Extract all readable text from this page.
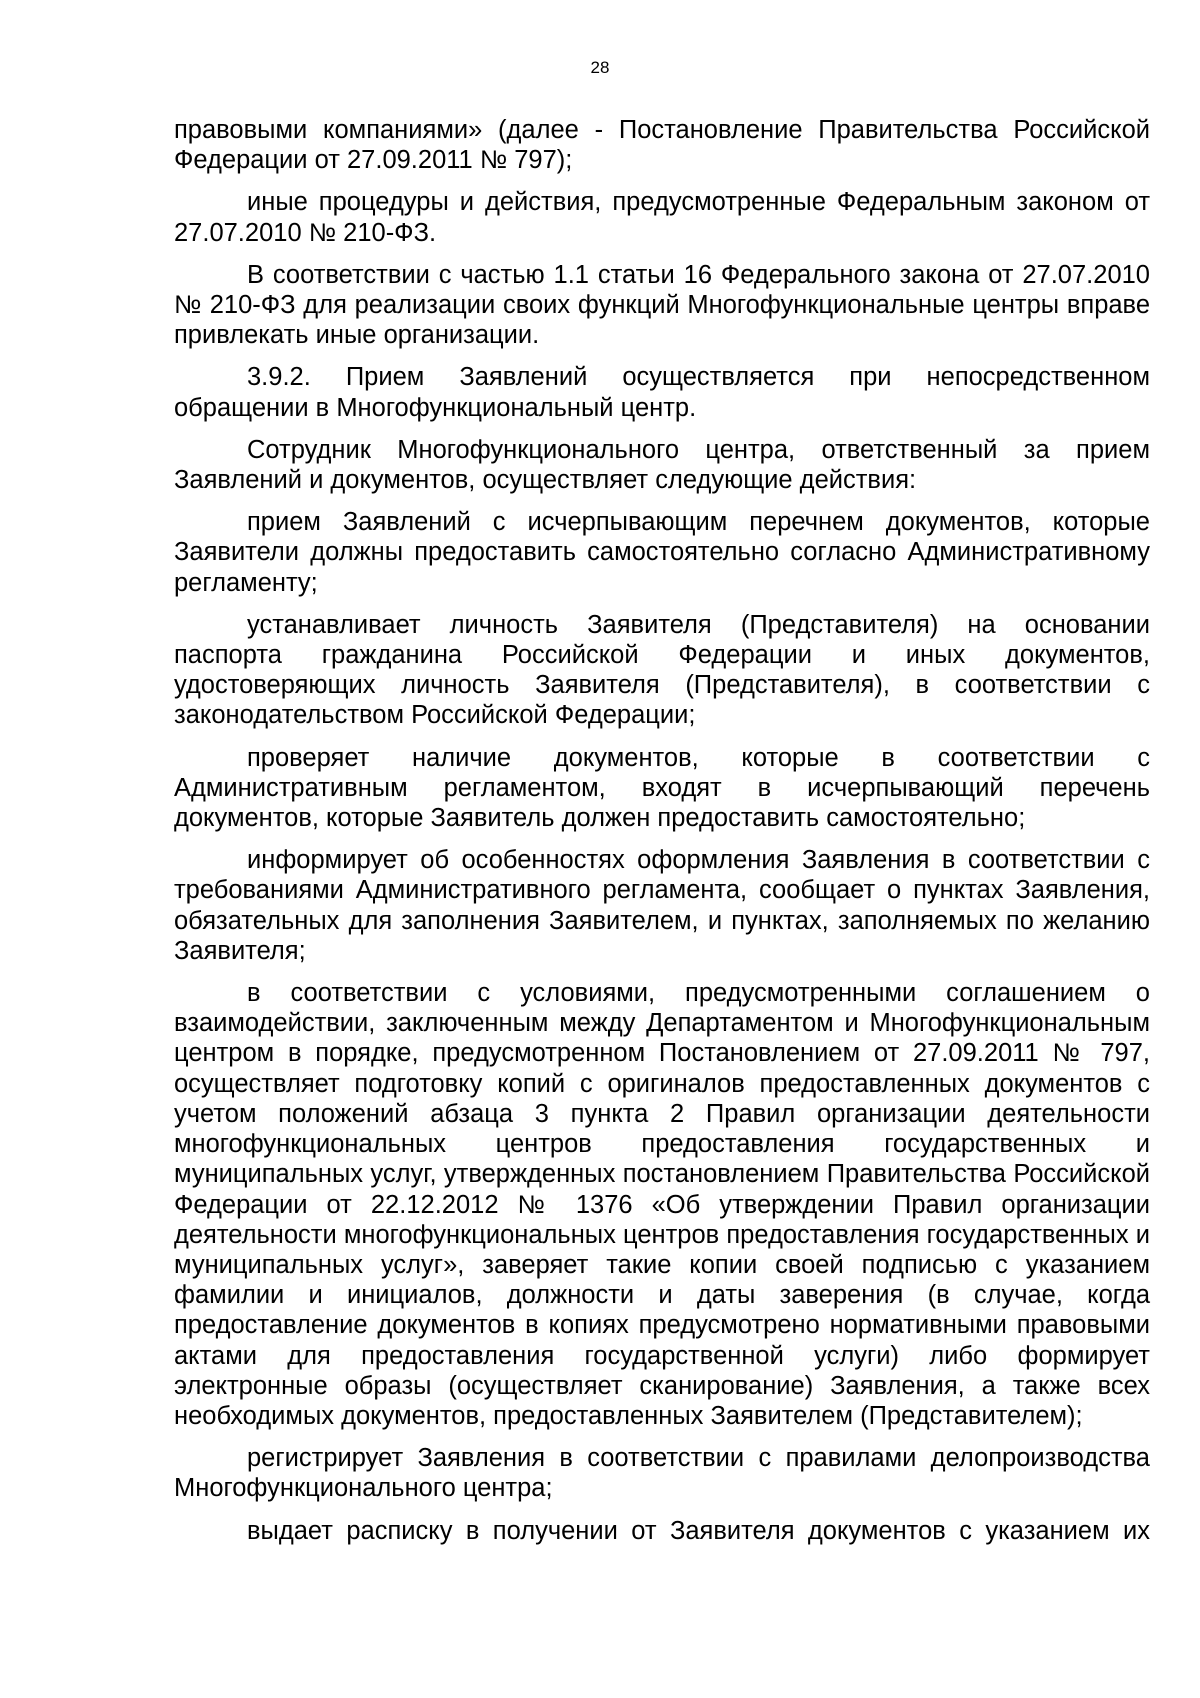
28

правовыми компаниями» (далее - Постановление Правительства Российской Федерации от 27.09.2011 № 797);

иные процедуры и действия, предусмотренные Федеральным законом от 27.07.2010 № 210-ФЗ.

В соответствии с частью 1.1 статьи 16 Федерального закона от 27.07.2010 № 210-ФЗ для реализации своих функций Многофункциональные центры вправе привлекать иные организации.

3.9.2. Прием Заявлений осуществляется при непосредственном обращении в Многофункциональный центр.

Сотрудник Многофункционального центра, ответственный за прием Заявлений и документов, осуществляет следующие действия:

прием Заявлений с исчерпывающим перечнем документов, которые Заявители должны предоставить самостоятельно согласно Административному регламенту;

устанавливает личность Заявителя (Представителя) на основании паспорта гражданина Российской Федерации и иных документов, удостоверяющих личность Заявителя (Представителя), в соответствии с законодательством Российской Федерации;

проверяет наличие документов, которые в соответствии с Административным регламентом, входят в исчерпывающий перечень документов, которые Заявитель должен предоставить самостоятельно;

информирует об особенностях оформления Заявления в соответствии с требованиями Административного регламента, сообщает о пунктах Заявления, обязательных для заполнения Заявителем, и пунктах, заполняемых по желанию Заявителя;

в соответствии с условиями, предусмотренными соглашением о взаимодействии, заключенным между Департаментом и Многофункциональным центром в порядке, предусмотренном Постановлением от 27.09.2011 № 797, осуществляет подготовку копий с оригиналов предоставленных документов с учетом положений абзаца 3 пункта 2 Правил организации деятельности многофункциональных центров предоставления государственных и муниципальных услуг, утвержденных постановлением Правительства Российской Федерации от 22.12.2012 № 1376 «Об утверждении Правил организации деятельности многофункциональных центров предоставления государственных и муниципальных услуг», заверяет такие копии своей подписью с указанием фамилии и инициалов, должности и даты заверения (в случае, когда предоставление документов в копиях предусмотрено нормативными правовыми актами для предоставления государственной услуги) либо формирует электронные образы (осуществляет сканирование) Заявления, а также всех необходимых документов, предоставленных Заявителем (Представителем);

регистрирует Заявления в соответствии с правилами делопроизводства Многофункционального центра;

выдает расписку в получении от Заявителя документов с указанием их
